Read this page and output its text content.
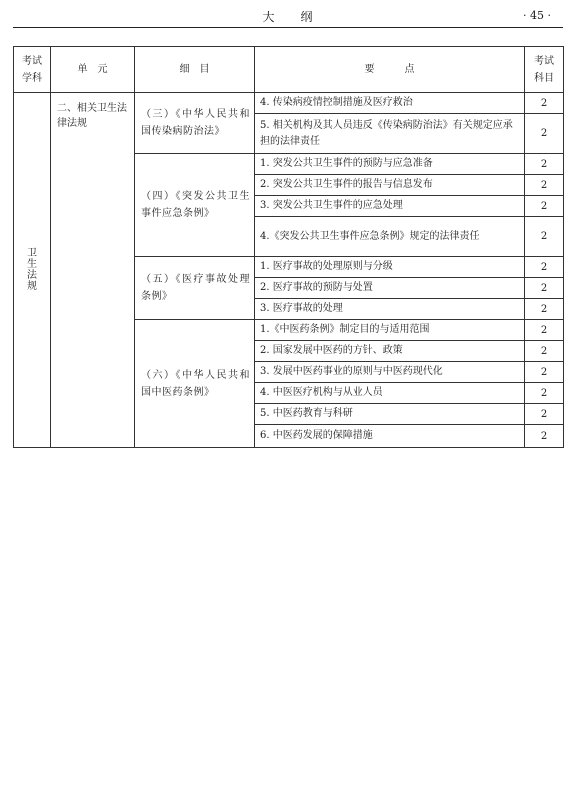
大纲	· 45 ·
考试学科	单　元	细　目	要　　　点	考试科目
卫生法规	二、相关卫生法律法规	（三）《中华人民共和国传染病防治法》	4. 传染病疫情控制措施及医疗救治	2
			5. 相关机构及其人员违反《传染病防治法》有关规定应承担的法律责任	2
		（四）《突发公共卫生事件应急条例》	1. 突发公共卫生事件的预防与应急准备	2
			2. 突发公共卫生事件的报告与信息发布	2
			3. 突发公共卫生事件的应急处理	2
			4.《突发公共卫生事件应急条例》规定的法律责任	2
		（五）《医疗事故处理条例》	1. 医疗事故的处理原则与分级	2
			2. 医疗事故的预防与处置	2
			3. 医疗事故的处理	2
		（六）《中华人民共和国中医药条例》	1.《中医药条例》制定目的与适用范围	2
			2. 国家发展中医药的方针、政策	2
			3. 发展中医药事业的原则与中医药现代化	2
			4. 中医医疗机构与从业人员	2
			5. 中医药教育与科研	2
			6. 中医药发展的保障措施	2
